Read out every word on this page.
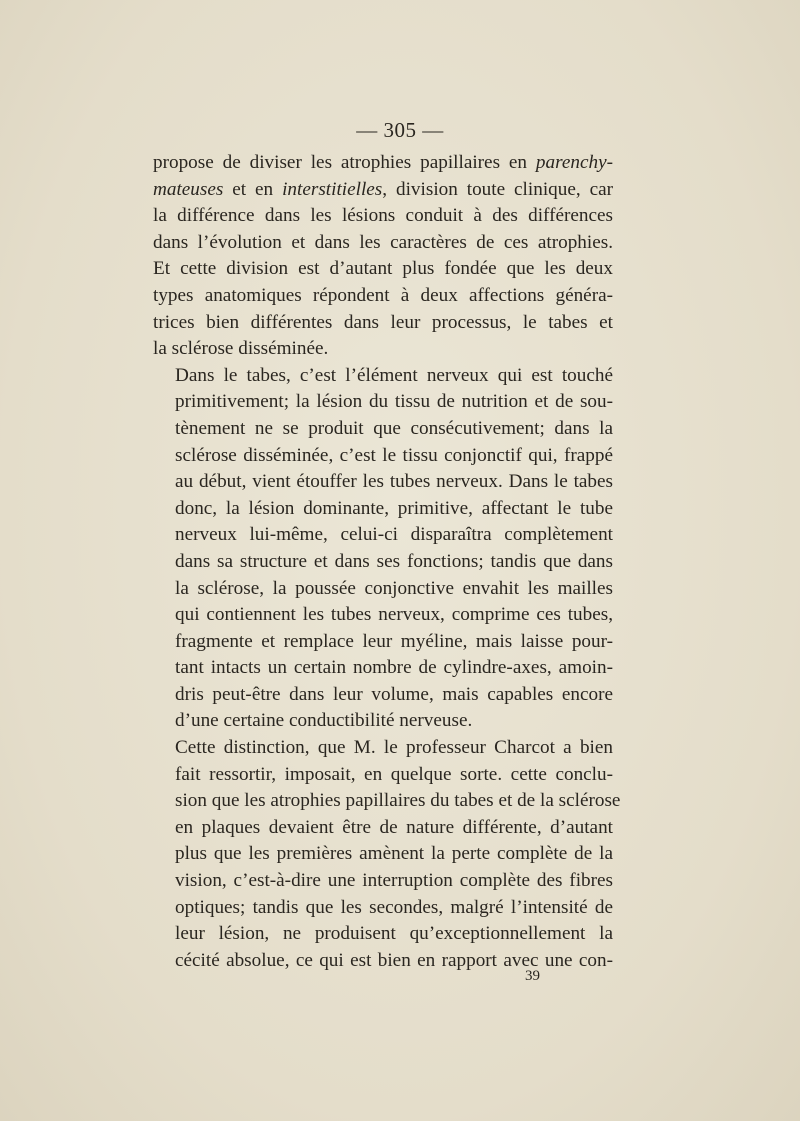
— 305 —

propose de diviser les atrophies papillaires en parenchy-
mateuses et en interstitielles, division toute clinique, car
la différence dans les lésions conduit à des différences
dans l’évolution et dans les caractères de ces atrophies.
Et cette division est d’autant plus fondée que les deux
types anatomiques répondent à deux affections généra-
trices bien différentes dans leur processus, le tabes et
la sclérose disséminée.

Dans le tabes, c’est l’élément nerveux qui est touché
primitivement; la lésion du tissu de nutrition et de sou-
tènement ne se produit que consécutivement; dans la
sclérose disséminée, c’est le tissu conjonctif qui, frappé
au début, vient étouffer les tubes nerveux. Dans le tabes
donc, la lésion dominante, primitive, affectant le tube
nerveux lui-même, celui-ci disparaîtra complètement
dans sa structure et dans ses fonctions; tandis que dans
la sclérose, la poussée conjonctive envahit les mailles
qui contiennent les tubes nerveux, comprime ces tubes,
fragmente et remplace leur myéline, mais laisse pour-
tant intacts un certain nombre de cylindre-axes, amoin-
dris peut-être dans leur volume, mais capables encore
d’une certaine conductibilité nerveuse.

Cette distinction, que M. le professeur Charcot a bien
fait ressortir, imposait, en quelque sorte. cette conclu-
sion que les atrophies papillaires du tabes et de la sclérose
en plaques devaient être de nature différente, d’autant
plus que les premières amènent la perte complète de la
vision, c’est-à-dire une interruption complète des fibres
optiques; tandis que les secondes, malgré l’intensité de
leur lésion, ne produisent qu’exceptionnellement la
cécité absolue, ce qui est bien en rapport avec une con-

39
